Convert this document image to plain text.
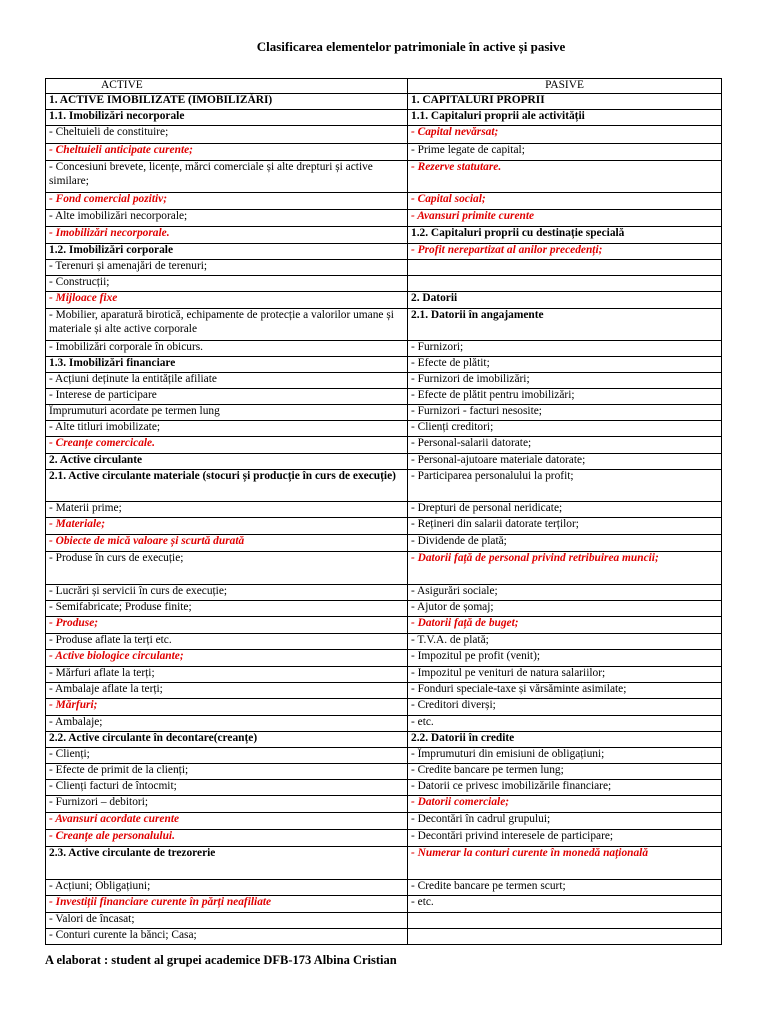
Clasificarea elementelor patrimoniale în active și pasive
ACTIVE	PASIVE
1. ACTIVE IMOBILIZATE (IMOBILIZĂRI)	1. CAPITALURI PROPRII
1.1. Imobilizări necorporale	1.1. Capitaluri proprii ale activității
- Cheltuieli de constituire;	- Capital nevărsat;
- Cheltuieli anticipate curente;	- Prime legate de capital;
- Concesiuni brevete, licențe, mărci comerciale și alte drepturi și active similare;	- Rezerve statutare.
- Fond comercial pozitiv;	- Capital social;
- Alte imobilizări necorporale;	- Avansuri primite curente
- Imobilizări necorporale.	1.2. Capitaluri proprii cu destinație specială
1.2. Imobilizări corporale	- Profit nerepartizat al anilor precedenți;
- Terenuri și amenajări de terenuri;	
- Construcții;	
- Mijloace fixe	2. Datorii
- Mobilier, aparatură birotică, echipamente de protecție a valorilor umane și materiale și alte active corporale	2.1. Datorii în angajamente
- Imobilizări corporale în obicurs.	- Furnizori;
1.3. Imobilizări financiare	- Efecte de plătit;
- Acțiuni deținute la entitățile afiliate	- Furnizori de imobilizări;
- Interese de participare	- Efecte de plătit pentru imobilizări;
Împrumuturi acordate pe termen lung	- Furnizori - facturi nesosite;
- Alte titluri imobilizate;	- Clienți creditori;
- Creanțe comercicale.	- Personal-salarii datorate;
2. Active circulante	- Personal-ajutoare materiale datorate;
2.1. Active circulante materiale (stocuri și producție în curs de execuție)	- Participarea personalului la profit;
- Materii prime;	- Drepturi de personal neridicate;
- Materiale;	- Rețineri din salarii datorate terților;
- Obiecte de mică valoare și scurtă durată	- Dividende de plată;
- Produse în curs de execuție;	- Datorii față de personal privind retribuirea muncii;
- Lucrări și servicii în curs de execuție;	- Asigurări sociale;
- Semifabricate; Produse finite;	- Ajutor de șomaj;
- Produse;	- Datorii față de buget;
- Produse aflate la terți etc.	- T.V.A. de plată;
- Active biologice circulante;	- Impozitul pe profit (venit);
- Mărfuri aflate la terți;	- Impozitul pe venituri de natura salariilor;
- Ambalaje aflate la terți;	- Fonduri speciale-taxe și vărsăminte asimilate;
- Mărfuri;	- Creditori diverși;
- Ambalaje;	- etc.
2.2. Active circulante în decontare(creanțe)	2.2. Datorii în credite
- Clienți;	- Împrumuturi din emisiuni de obligațiuni;
- Efecte de primit de la clienți;	- Credite bancare pe termen lung;
- Clienți facturi de întocmit;	- Datorii ce privesc imobilizările financiare;
- Furnizori – debitori;	- Datorii comerciale;
- Avansuri acordate curente	- Decontări în cadrul grupului;
- Creanțe ale personalului.	- Decontări privind interesele de participare;
2.3. Active circulante de trezorerie	- Numerar la conturi curente în monedă națională
- Acțiuni; Obligațiuni;	- Credite bancare pe termen scurt;
- Investiții financiare curente în părți neafiliate	- etc.
- Valori de încasat;	
- Conturi curente la bănci; Casa;	
A elaborat : student al grupei academice DFB-173 Albina Cristian
